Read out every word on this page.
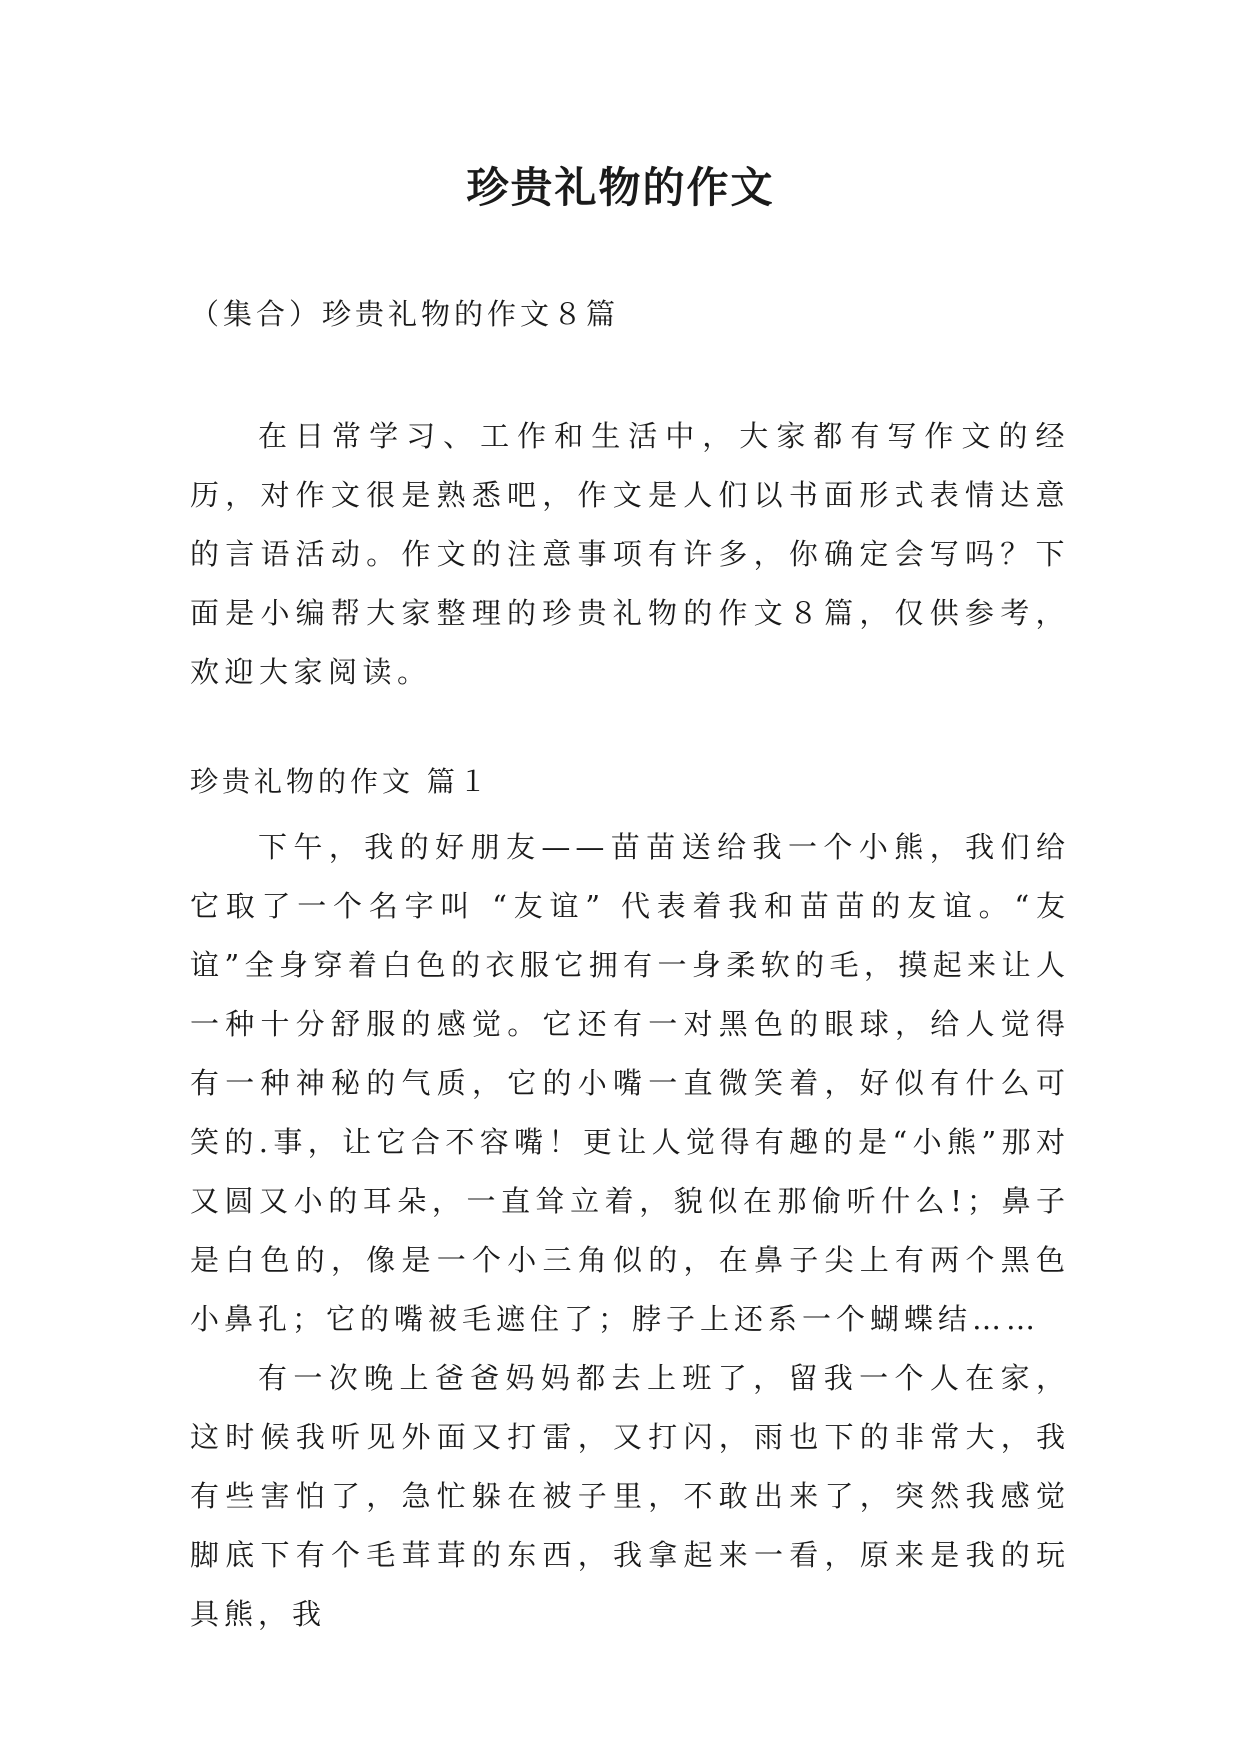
珍贵礼物的作文

（集合）珍贵礼物的作文８篇

在日常学习、工作和生活中，大家都有写作文的经历，对作文很是熟悉吧，作文是人们以书面形式表情达意的言语活动。作文的注意事项有许多，你确定会写吗？下面是小编帮大家整理的珍贵礼物的作文８篇，仅供参考，欢迎大家阅读。

珍贵礼物的作文 篇１

下午，我的好朋友——苗苗送给我一个小熊，我们给它取了一个名字叫 “友谊” 代表着我和苗苗的友谊。“友谊”全身穿着白色的衣服它拥有一身柔软的毛，摸起来让人一种十分舒服的感觉。它还有一对黑色的眼球，给人觉得有一种神秘的气质，它的小嘴一直微笑着，好似有什么可笑的.事，让它合不容嘴！更让人觉得有趣的是“小熊”那对又圆又小的耳朵，一直耸立着，貌似在那偷听什么!；鼻子是白色的，像是一个小三角似的，在鼻子尖上有两个黑色小鼻孔；它的嘴被毛遮住了；脖子上还系一个蝴蝶结……

有一次晚上爸爸妈妈都去上班了，留我一个人在家，这时候我听见外面又打雷，又打闪，雨也下的非常大，我有些害怕了，急忙躲在被子里，不敢出来了，突然我感觉脚底下有个毛茸茸的东西，我拿起来一看，原来是我的玩具熊，我
